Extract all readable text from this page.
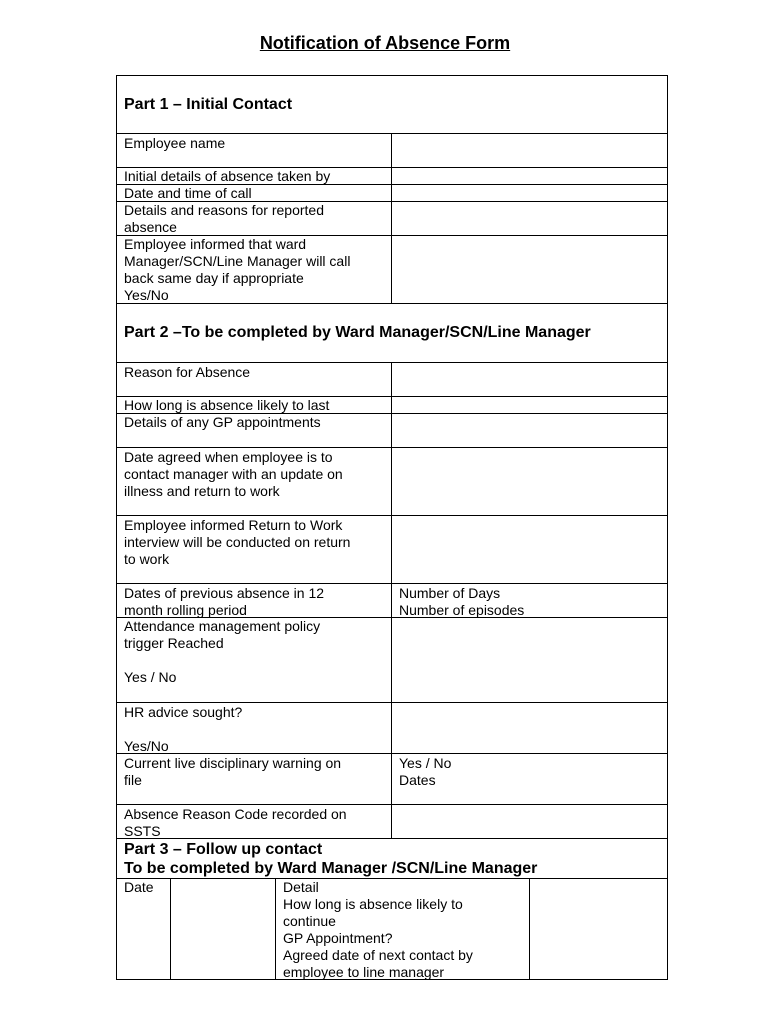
Notification of Absence Form
Part 1 – Initial Contact
Employee name
Initial details of absence taken by
Date and time of call
Details and reasons for reported
absence
Employee informed that ward
Manager/SCN/Line Manager will call
back same day if appropriate
Yes/No
Part 2 –To be completed by Ward Manager/SCN/Line Manager
Reason for Absence
How long is absence likely to last
Details of any GP appointments
Date agreed when employee is to
contact manager with an update on
illness and return to work
Employee informed Return to Work
interview will be conducted on return
to work
Dates of previous absence in 12
month rolling period
Number of Days
Number of episodes
Attendance management policy
trigger Reached

Yes / No
HR advice sought?

Yes/No
Current live disciplinary warning on
file
Yes / No
Dates
Absence Reason Code recorded on
SSTS
Part 3 – Follow up contact
To be completed by Ward Manager /SCN/Line Manager
Date	Detail
How long is absence likely to
continue
GP Appointment?
Agreed date of next contact by
employee to line manager
